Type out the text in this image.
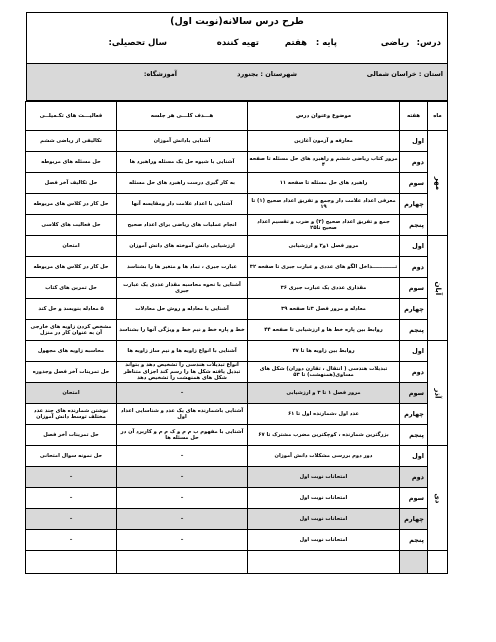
طرح درس سالانه(نوبت اول)
درس:
ریاضی
پایه :
هفتم
تهیه کننده
سال تحصیلی:
استان : خراسان شمالی
شهرستان : بجنورد
آموزشگاه:
ماه	هفته	موضوع وعنوان درس	هـــدف کلـــی هر جلسه	فعالیـــت های تکـمیلــی
مهر	اول	معارفه و آزمون آغازین	آشنایی بادانش آموزان	تکالیفی از ریاضی ششم
	دوم	مرور کتاب ریاضی ششم و راهبرد های حل مسئله تا صفحه ۴	آشنایی با شیوه حل یک مسئله وراهبرد ها	حل مسئله های مربوطه
	سوم	راهبرد های حل مسئله تا صفحه ۱۱	به کار گیری درست راهبرد های حل مسئله	حل تکالیف آخر فصل
	چهارم	معرفی اعداد علامت دار وجمع و تفریق اعداد صحیح (۱) تا ۱۹	آشنایی با اعداد علامت دار ومقایسه آنها	حل کار در کلاس های مربوطه
	پنجم	جمع و تفریق اعداد صحیح (۲) و ضرب و تقسیم اعداد صحیح تا۲۵	انجام عملیات های ریاضی برای اعداد صحیح	حل فعالیت های کلاسی
آبان	اول	مرور فصل ۱و۲ و ارزشیابی	ارزشیابی دانش آموخته های دانش آموزان	امتحان
	دوم	تـــــــــــــداخل الگو های عددی و عبارت جبری تا صفحه ۳۲	عبارت جبری ، نماد ها و متغیر ها را بشناسد	حل کار در کلاس های مربوطه
	سوم	مقداری عددی یک عبارت جبری ۳۶	آشنایی با نحوه محاسبه مقدار عددی یک عبارت جبری	حل تمرین های کتاب
	چهارم	معادله و مرور فصل ۳تا صفحه ۳۹	آشنایی با معادله و روش حل معادلات	۵ معادله بنویسد و حل کند
	پنجم	روابط بین پاره خط ها و ارزشیابی تا صفحه ۴۴	خط و پاره خط و نیم خط و ویژگی آنها را بشناسد	مشخص کردن زاویه های خارجی آن به عنوان کار در منزل
آذر	اول	روابط بین زاویه ها تا ۴۷	آشنایی با انواع زاویه ها و نیم ساز زاویه ها	محاسبه زاویه های مجهول
	دوم	تبدیلات هندسی ( انتقال ، تقارن دوران) شکل های مساوی(همنهشت) تا ۵۳	انواع تبدیلات هندسی را تشخیص دهد و بتواند تبدیل یافته شکل ها را رسم کند اجزای متناظر شکل های همنهشت را تشخیص دهد	حل تمرینات آخر فصل وجدوره
	سوم	مرور فصل ۱ تا ۳ و ارزشیابی	–	امتحان
	چهارم	عدد اول ،شمارنده اول تا ۶۱	آشنایی باشمارنده های یک عدد و شناسایی اعداد اول	نوشتن شمارنده های چند عدد مختلف توسط دانش آموزان
	پنجم	بزرگترین شمارنده ، کوچکترین مضرب مشترک تا ۶۷	آشنایی با مفهوم ب م م و ک م م و کاربرد آن در حل مسئله ها	حل تمرینات آخر فصل
دی	اول	دور دوم بررسی مشکلات دانش آموزان	–	حل نمونه سوال امتحانی
	دوم	امتحانات نوبت اول	–	–
	سوم	امتحانات نوبت اول	–	–
	چهارم	امتحانات نوبت اول	–	–
	پنجم	امتحانات نوبت اول	–	–
